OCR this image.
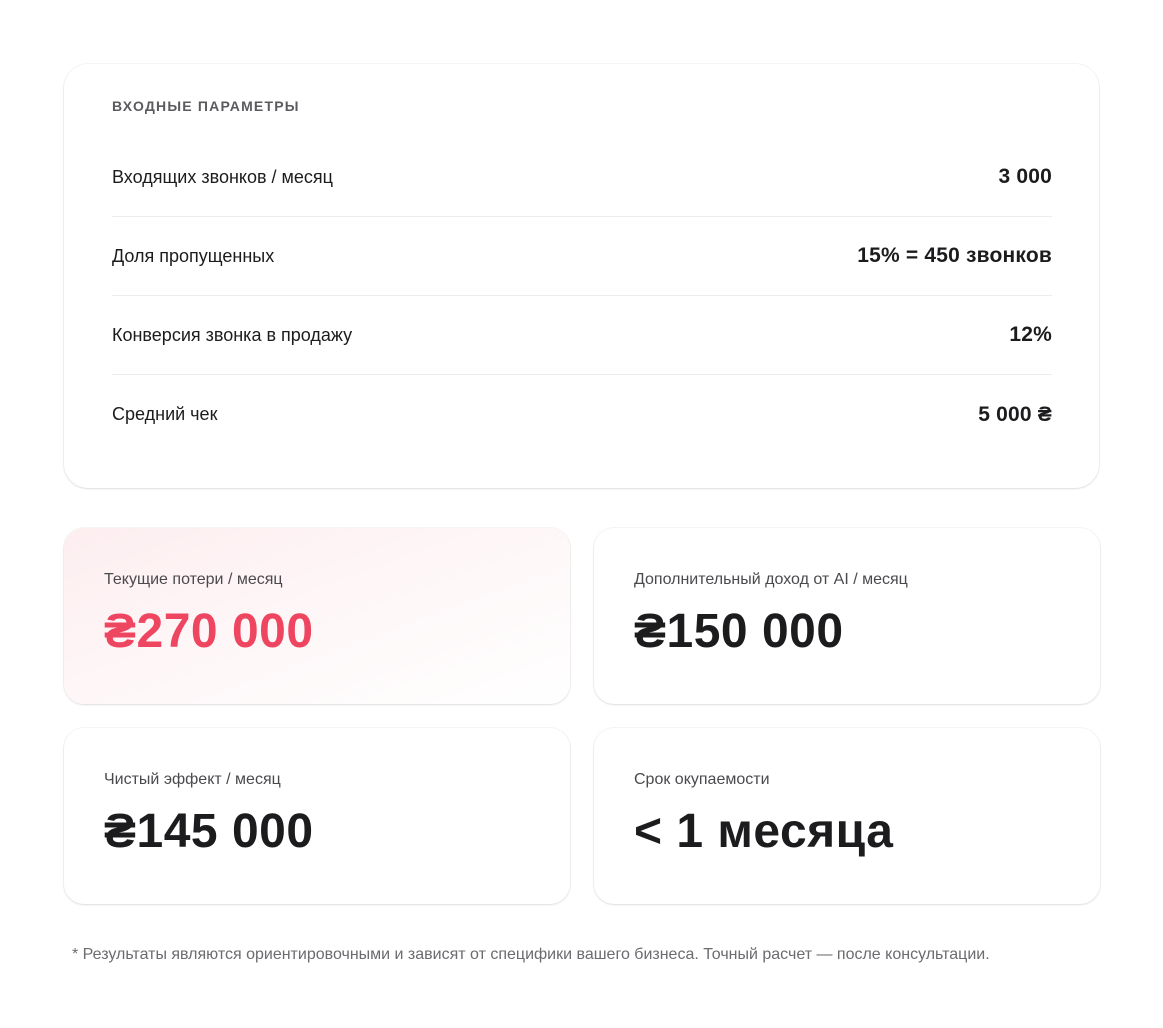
ВХОДНЫЕ ПАРАМЕТРЫ
Входящих звонков / месяц	3 000
Доля пропущенных	15% = 450 звонков
Конверсия звонка в продажу	12%
Средний чек	5 000 ₴
Текущие потери / месяц
₴270 000
Дополнительный доход от AI / месяц
₴150 000
Чистый эффект / месяц
₴145 000
Срок окупаемости
< 1 месяца
* Результаты являются ориентировочными и зависят от специфики вашего бизнеса. Точный расчет — после консультации.
